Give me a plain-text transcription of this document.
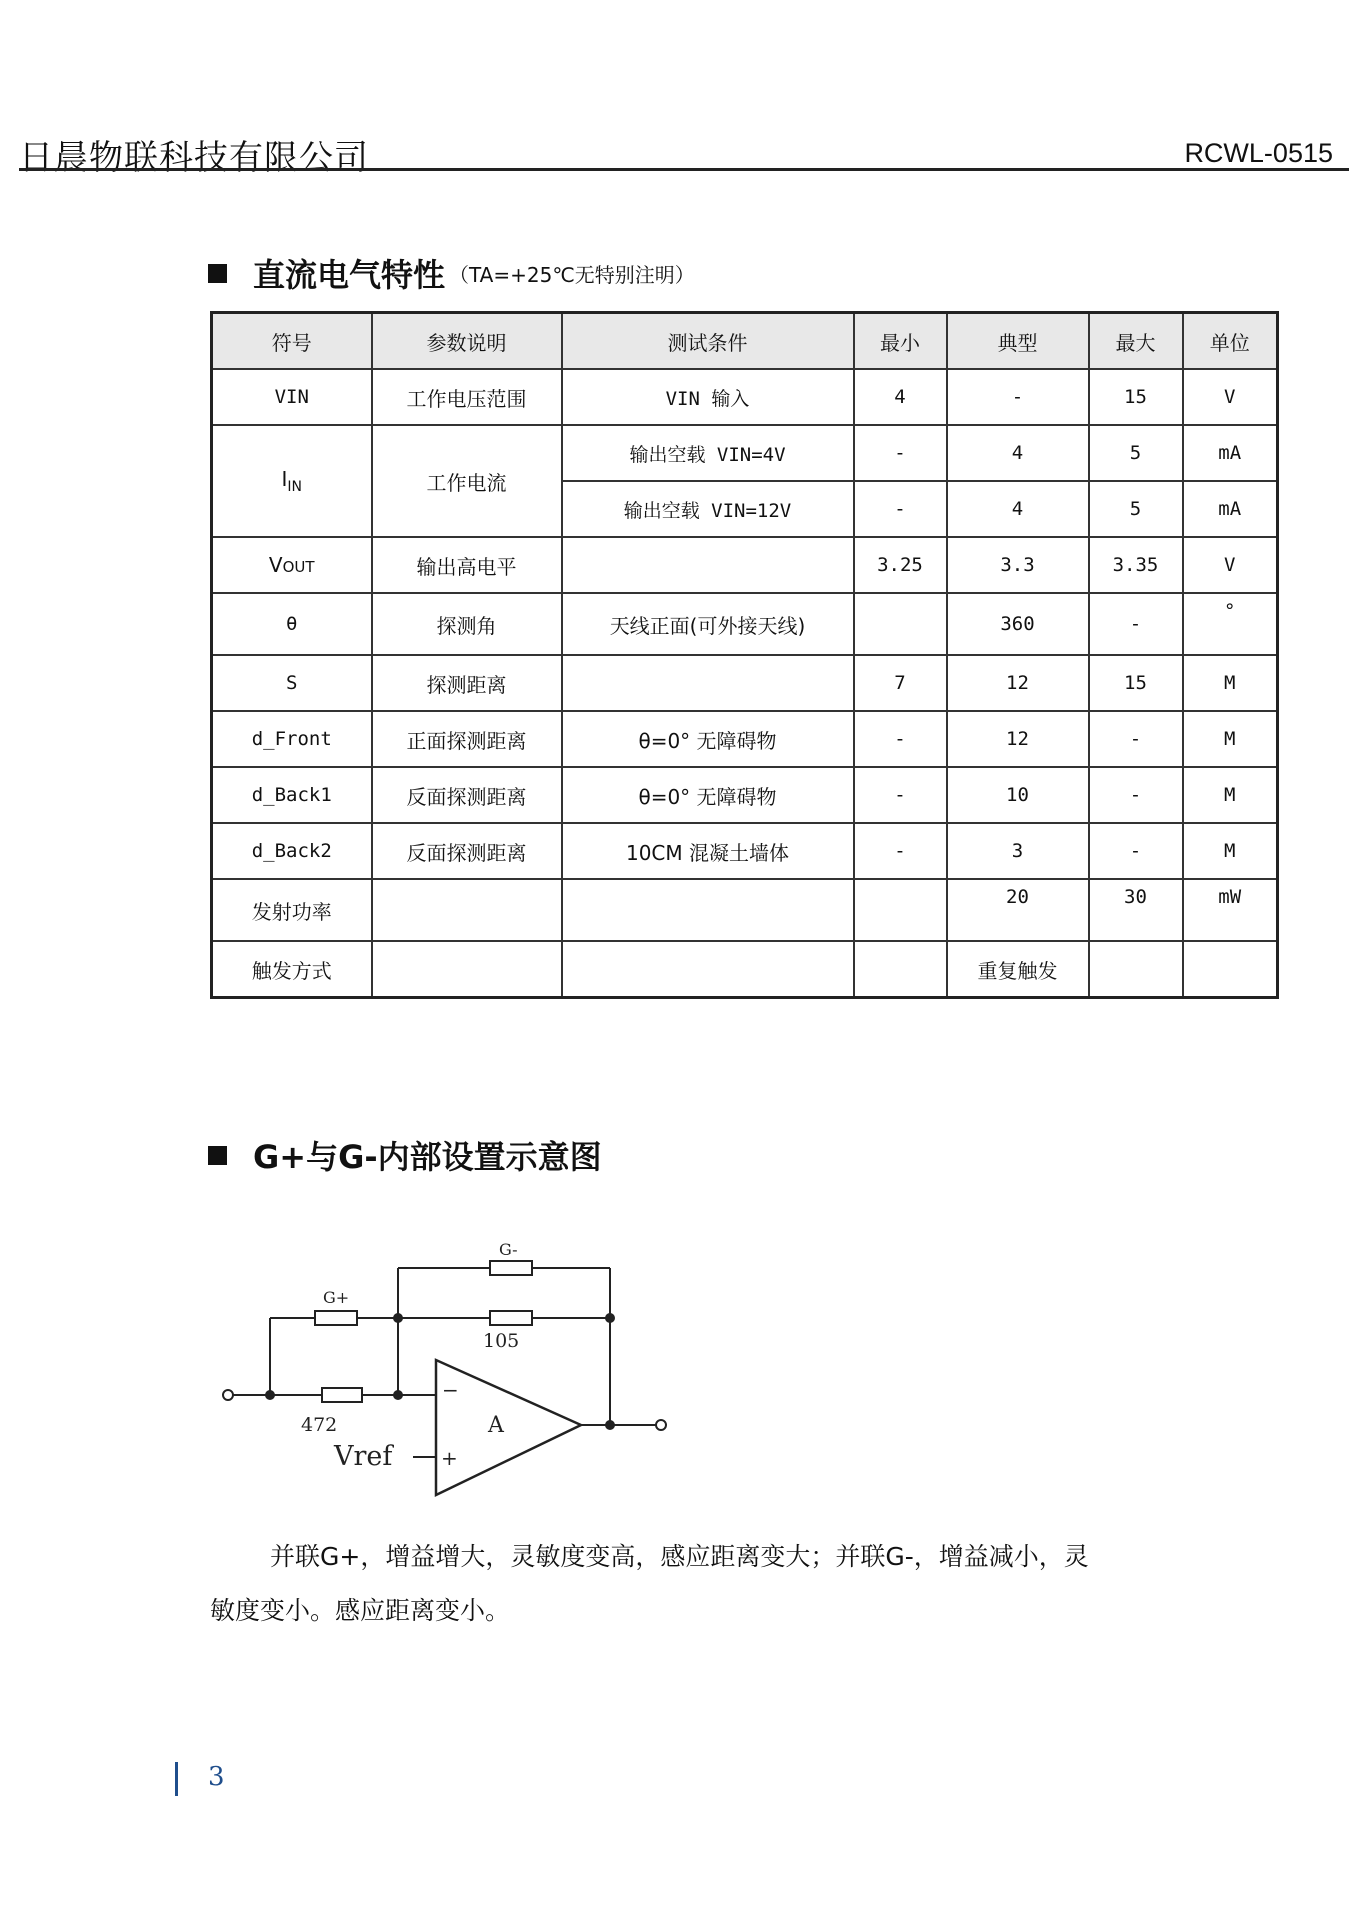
日晨物联科技有限公司	RCWL-0515
直流电气特性 （TA=+25℃无特别注明）
符号	参数说明	测试条件	最小	典型	最大	单位
VIN	工作电压范围	VIN 输入	4	-	15	V
$I_{IN}$	工作电流	输出空载 VIN=4V	-	4	5	mA
		输出空载 VIN=12V	-	4	5	mA
VOUT	输出高电平		3.25	3.3	3.35	V
θ	探测角	天线正面(可外接天线)		360	-	°
S	探测距离		7	12	15	M
d_Front	正面探测距离	θ=0° 无障碍物	-	12	-	M
d_Back1	反面探测距离	θ=0° 无障碍物	-	10	-	M
d_Back2	反面探测距离	10CM 混凝土墙体	-	3	-	M
发射功率				20	30	mW
触发方式				重复触发		
G+与G-内部设置示意图
G-
G+
105
472
Vref
A
−
+
并联G+，增益增大，灵敏度变高，感应距离变大；并联G-，增益减小，灵
敏度变小。感应距离变小。
3
